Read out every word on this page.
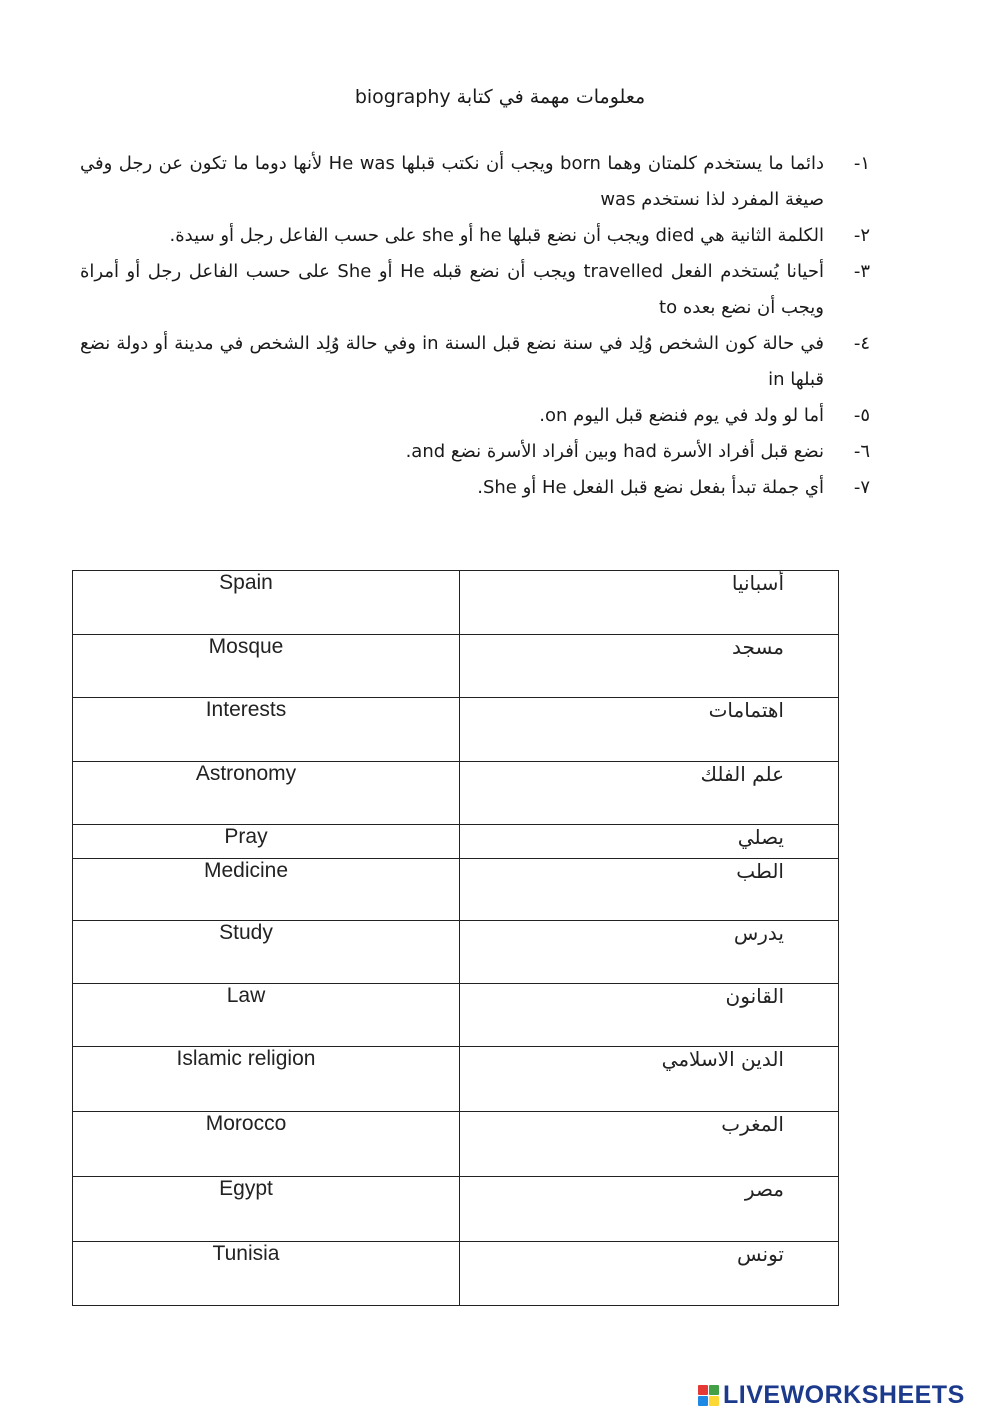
معلومات مهمة في كتابة biography
١-
دائما ما يستخدم كلمتان وهما born ويجب أن نكتب قبلها He was لأنها دوما ما تكون عن رجل وفي صيغة المفرد لذا نستخدم was
٢-
الكلمة الثانية هي died ويجب أن نضع قبلها he أو she على حسب الفاعل رجل أو سيدة.
٣-
أحيانا يُستخدم الفعل travelled ويجب أن نضع قبله He أو She على حسب الفاعل رجل أو أمراة ويجب أن نضع بعده to
٤-
في حالة كون الشخص وُلِد في سنة نضع قبل السنة in وفي حالة وُلِد الشخص في مدينة أو دولة نضع قبلها in
٥-
أما لو ولد في يوم فنضع قبل اليوم on.
٦-
نضع قبل أفراد الأسرة had وبين أفراد الأسرة نضع and.
٧-
أي جملة تبدأ بفعل نضع قبل الفعل He أو She.
Spain	أسبانيا
Mosque	مسجد
Interests	اهتمامات
Astronomy	علم الفلك
Pray	يصلي
Medicine	الطب
Study	يدرس
Law	القانون
Islamic religion	الدين الاسلامي
Morocco	المغرب
Egypt	مصر
Tunisia	تونس
LIVEWORKSHEETS
